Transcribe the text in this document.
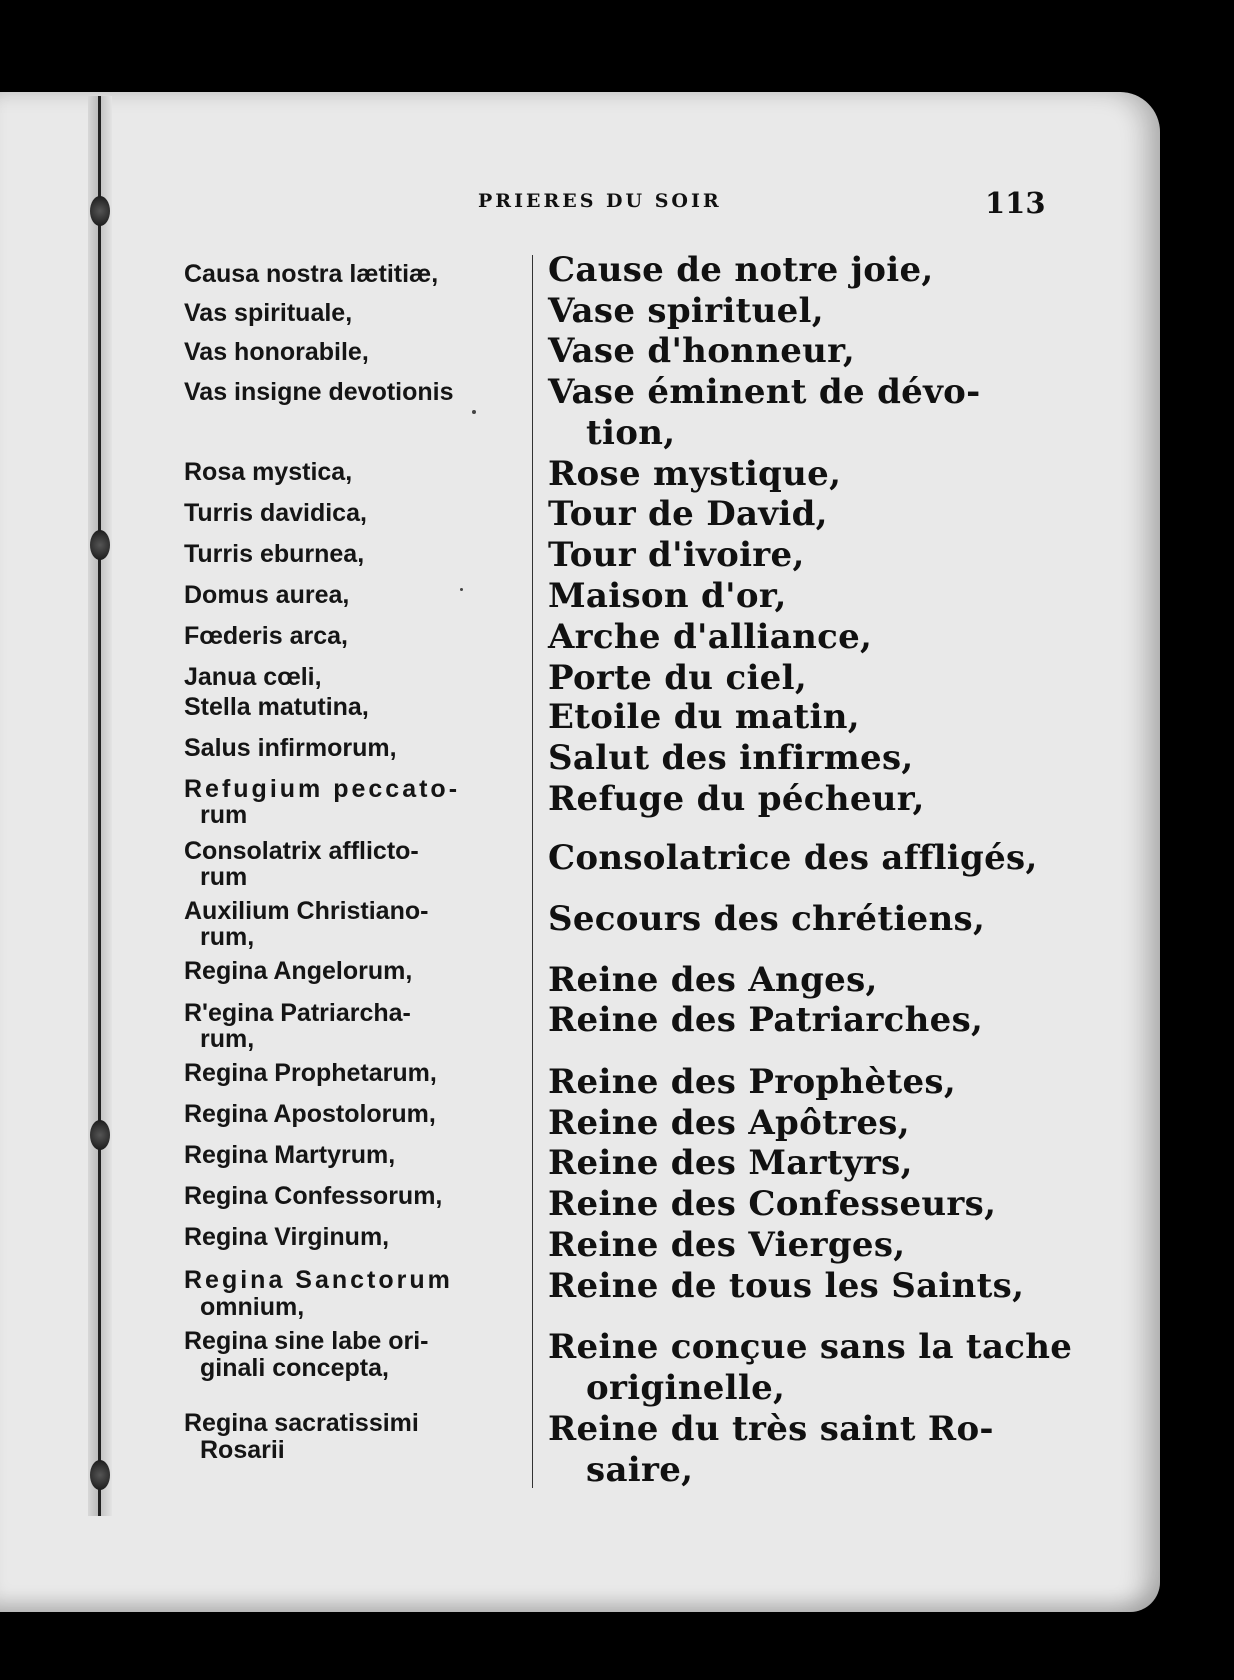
PRIERES DU SOIR	113
Causa nostra lætitiæ,
Vas spirituale,
Vas honorabile,
Vas insigne devotionis
Rosa mystica,
Turris davidica,
Turris eburnea,
Domus aurea,
Fœderis arca,
Janua cœli,
Stella matutina,
Salus infirmorum,
Refugium peccato-
rum
Consolatrix afflicto-
rum
Auxilium Christiano-
rum,
Regina Angelorum,
R'egina Patriarcha-
rum,
Regina Prophetarum,
Regina Apostolorum,
Regina Martyrum,
Regina Confessorum,
Regina Virginum,
Regina Sanctorum
omnium,
Regina sine labe ori-
ginali concepta,
Regina sacratissimi
Rosarii
Cause de notre joie,
Vase spirituel,
Vase d'honneur,
Vase éminent de dévo-
tion,
Rose mystique,
Tour de David,
Tour d'ivoire,
Maison d'or,
Arche d'alliance,
Porte du ciel,
Etoile du matin,
Salut des infirmes,
Refuge du pécheur,
Consolatrice des affligés,
Secours des chrétiens,
Reine des Anges,
Reine des Patriarches,
Reine des Prophètes,
Reine des Apôtres,
Reine des Martyrs,
Reine des Confesseurs,
Reine des Vierges,
Reine de tous les Saints,
Reine conçue sans la tache
originelle,
Reine du très saint Ro-
saire,
